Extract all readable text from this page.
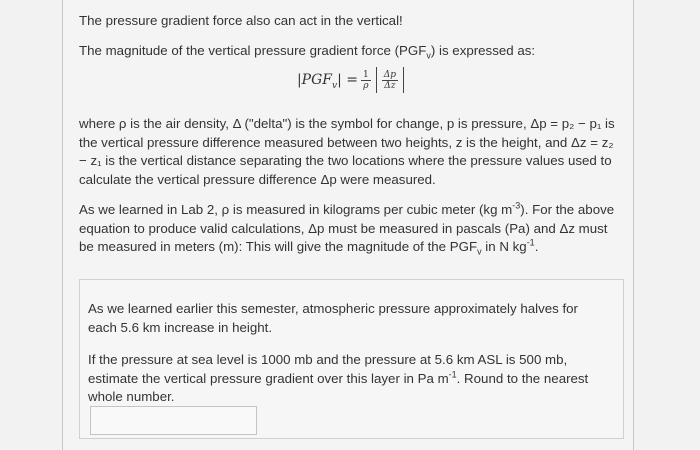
The pressure gradient force also can act in the vertical!

The magnitude of the vertical pressure gradient force $(PGF_v)$ is expressed as:

$|PGF_v| = \frac{1}{\rho} \frac{\Delta p}{\Delta z}$

where ρ is the air density, Δ ("delta") is the symbol for change, p is pressure, Δp = p₂ − p₁ is the vertical pressure difference measured between two heights, z is the height, and Δz = z₂ − z₁ is the vertical distance separating the two locations where the pressure values used to calculate the vertical pressure difference Δp were measured.

As we learned in Lab 2, ρ is measured in kilograms per cubic meter (kg $m^{-3}$). For the above equation to produce valid calculations, Δp must be measured in pascals (Pa) and Δz must be measured in meters (m): This will give the magnitude of the $PGF_v$ in N $kg^{-1}$.

As we learned earlier this semester, atmospheric pressure approximately halves for each 5.6 km increase in height.

If the pressure at sea level is 1000 mb and the pressure at 5.6 km ASL is 500 mb, estimate the vertical pressure gradient over this layer in Pa $m^{-1}$. Round to the nearest whole number.
